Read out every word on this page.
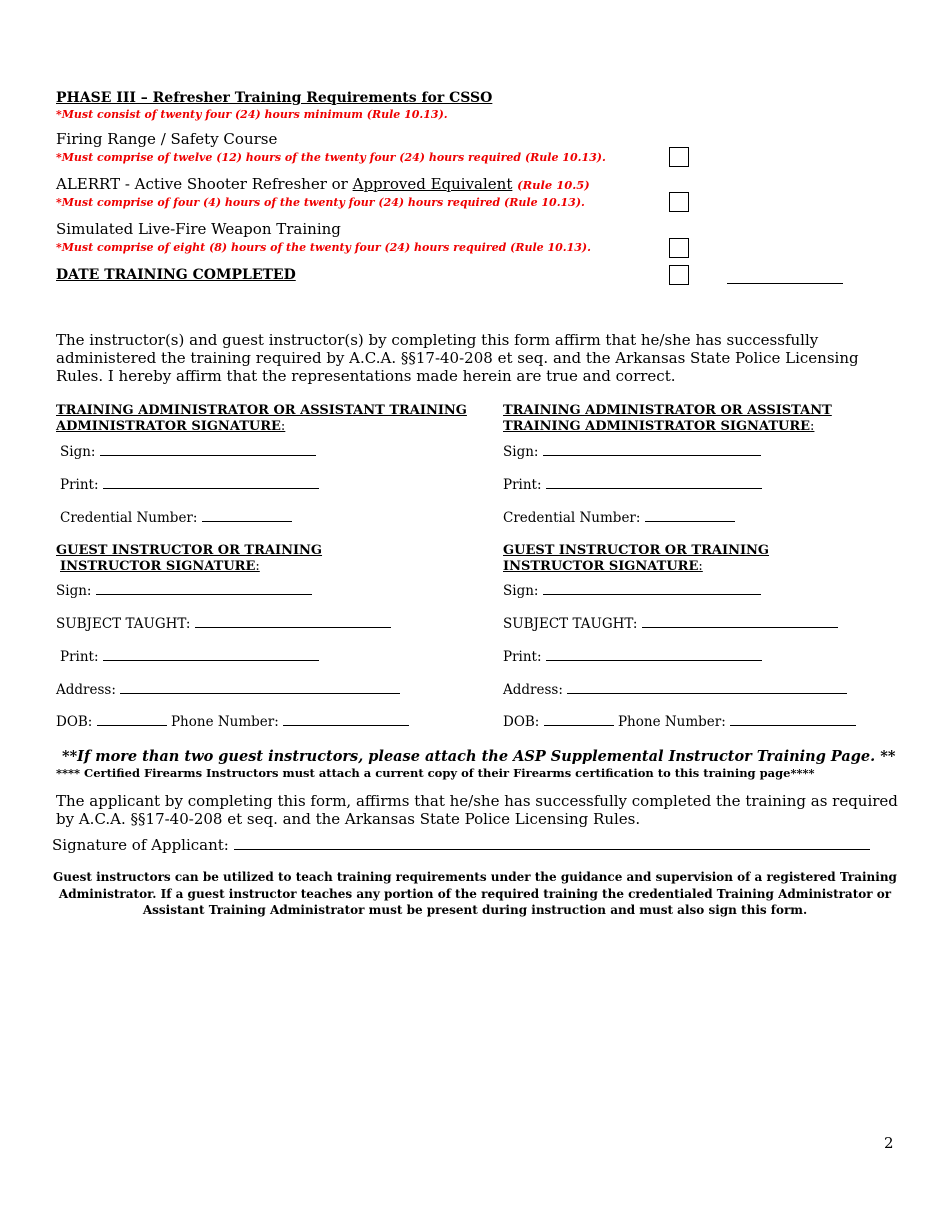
PHASE III – Refresher Training Requirements for CSSO
*Must consist of twenty four (24) hours minimum (Rule 10.13).
Firing Range / Safety Course
*Must comprise of twelve (12) hours of the twenty four (24) hours required (Rule 10.13).
ALERRT - Active Shooter Refresher or Approved Equivalent (Rule 10.5)
*Must comprise of four (4) hours of the twenty four (24) hours required (Rule 10.13).
Simulated Live-Fire Weapon Training
*Must comprise of eight (8) hours of the twenty four (24) hours required (Rule 10.13).
DATE TRAINING COMPLETED
The instructor(s) and guest instructor(s) by completing this form affirm that he/she has successfully administered the training required by A.C.A. §§17-40-208 et seq. and the Arkansas State Police Licensing Rules. I hereby affirm that the representations made herein are true and correct.
TRAINING ADMINISTRATOR OR ASSISTANT TRAINING
ADMINISTRATOR SIGNATURE:
Sign:
Print:
Credential Number:
TRAINING ADMINISTRATOR OR ASSISTANT
TRAINING ADMINISTRATOR SIGNATURE:
Sign:
Print:
Credential Number:
GUEST INSTRUCTOR OR TRAINING
INSTRUCTOR SIGNATURE:
Sign:
SUBJECT TAUGHT:
Print:
Address:
DOB:	Phone Number:
GUEST INSTRUCTOR OR TRAINING
INSTRUCTOR SIGNATURE:
Sign:
SUBJECT TAUGHT:
Print:
Address:
DOB:	Phone Number:
**If more than two guest instructors, please attach the ASP Supplemental Instructor Training Page. **
**** Certified Firearms Instructors must attach a current copy of their Firearms certification to this training page****
The applicant by completing this form, affirms that he/she has successfully completed the training as required by A.C.A. §§17-40-208 et seq. and the Arkansas State Police Licensing Rules.
Signature of Applicant:
Guest instructors can be utilized to teach training requirements under the guidance and supervision of a registered Training Administrator. If a guest instructor teaches any portion of the required training the credentialed Training Administrator or Assistant Training Administrator must be present during instruction and must also sign this form.
2
